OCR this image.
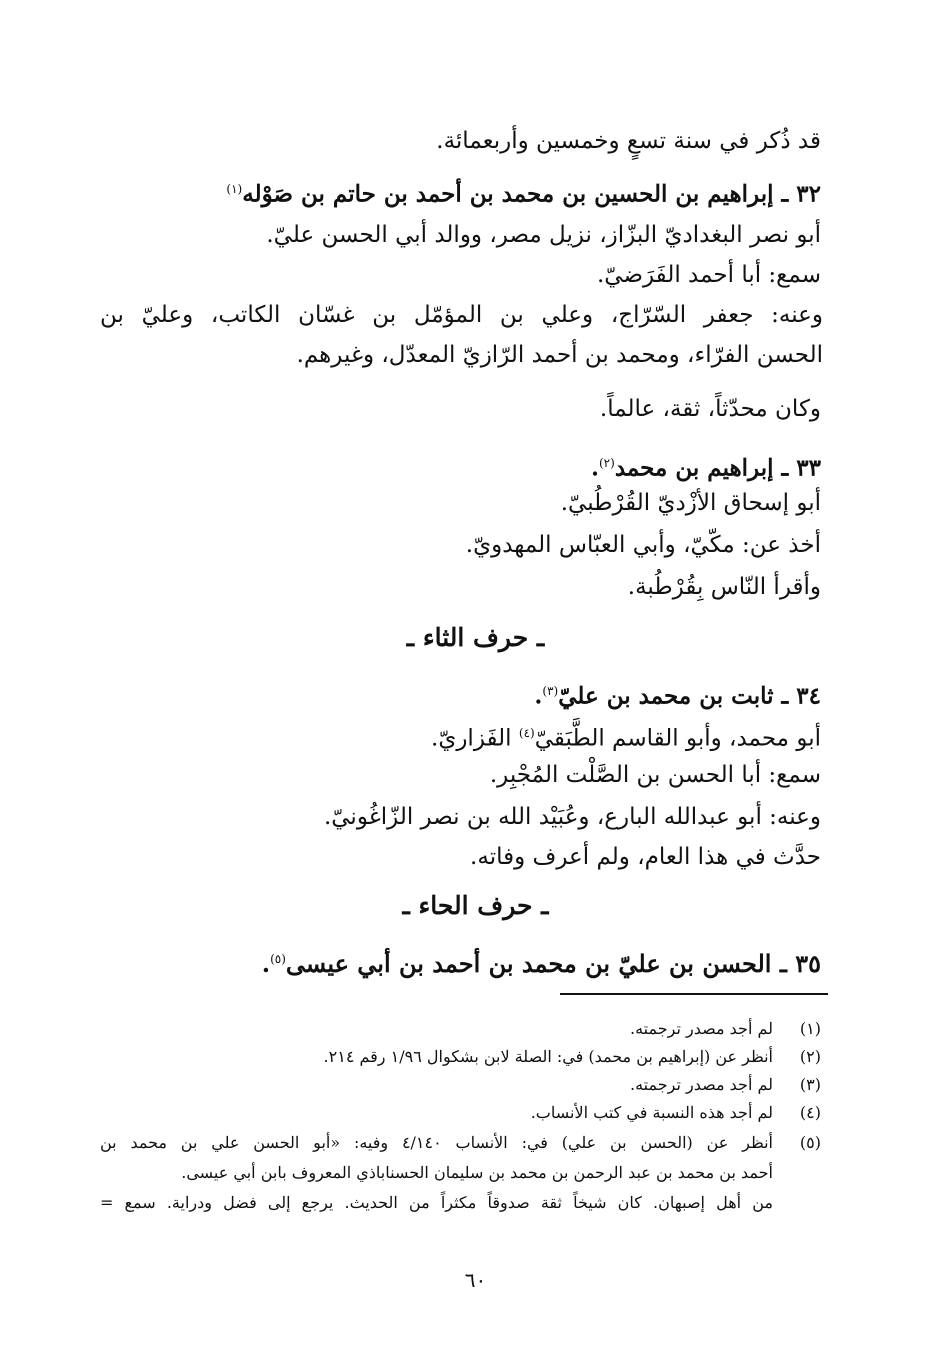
قد ذُكر في سنة تسعٍ وخمسين وأربعمائة.
٣٢ ـ إبراهيم بن الحسين بن محمد بن أحمد بن حاتم بن صَوْله$^{(١)}$
أبو نصر البغداديّ البزّاز، نزيل مصر، ووالد أبي الحسن عليّ.
سمع: أبا أحمد الفَرَضيّ.
وعنه: جعفر السّرّاج، وعلي بن المؤمّل بن غسّان الكاتب، وعليّ بن
الحسن الفرّاء، ومحمد بن أحمد الرّازيّ المعدّل، وغيرهم.
وكان محدّثاً، ثقة، عالماً.
٣٣ ـ إبراهيم بن محمد$^{(٢)}$.
أبو إسحاق الأزْديّ القُرْطُبيّ.
أخذ عن: مكّيّ، وأبي العبّاس المهدويّ.
وأقرأ النّاس بِقُرْطُبة.
ـ حرف الثاء ـ
٣٤ ـ ثابت بن محمد بن عليّ$^{(٣)}$.
أبو محمد، وأبو القاسم الطَّبَقيّ$^{(٤)}$ الفَزاريّ.
سمع: أبا الحسن بن الصَّلْت المُجْبِر.
وعنه: أبو عبدالله البارع، وعُبَيْد الله بن نصر الزّاغُونيّ.
حدَّث في هذا العام، ولم أعرف وفاته.
ـ حرف الحاء ـ
٣٥ ـ الحسن بن عليّ بن محمد بن أحمد بن أبي عيسى$^{(٥)}$.
(١)
لم أجد مصدر ترجمته.
(٢)
أنظر عن (إبراهيم بن محمد) في: الصلة لابن بشكوال ١/٩٦ رقم ٢١٤.
(٣)
لم أجد مصدر ترجمته.
(٤)
لم أجد هذه النسبة في كتب الأنساب.
(٥)
أنظر عن (الحسن بن علي) في: الأنساب ٤/١٤٠ وفيه: «أبو الحسن علي بن محمد بن
أحمد بن محمد بن عبد الرحمن بن محمد بن سليمان الحسناباذي المعروف بابن أبي عيسى.
من أهل إصبهان. كان شيخاً ثقة صدوقاً مكثراً من الحديث. يرجع إلى فضل ودراية. سمع =
٦٠
